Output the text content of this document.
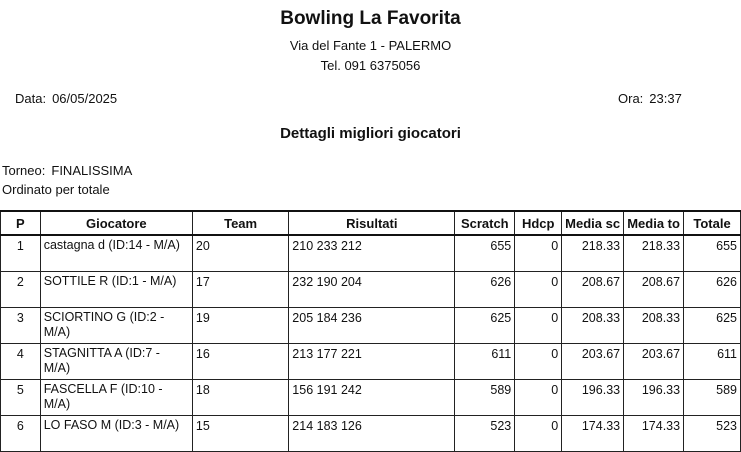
Bowling La Favorita
Via del Fante 1 - PALERMO
Tel. 091 6375056
Data: 06/05/2025	Ora: 23:37
Dettagli migliori giocatori
Torneo: FINALISSIMA
Ordinato per totale
P	Giocatore	Team	Risultati	Scratch	Hdcp	Media sc	Media to	Totale
1	castagna d (ID:14 - M/A)	20	210 233 212	655	0	218.33	218.33	655
2	SOTTILE R (ID:1 - M/A)	17	232 190 204	626	0	208.67	208.67	626
3	SCIORTINO G (ID:2 - M/A)	19	205 184 236	625	0	208.33	208.33	625
4	STAGNITTA A (ID:7 - M/A)	16	213 177 221	611	0	203.67	203.67	611
5	FASCELLA F (ID:10 - M/A)	18	156 191 242	589	0	196.33	196.33	589
6	LO FASO M (ID:3 - M/A)	15	214 183 126	523	0	174.33	174.33	523
